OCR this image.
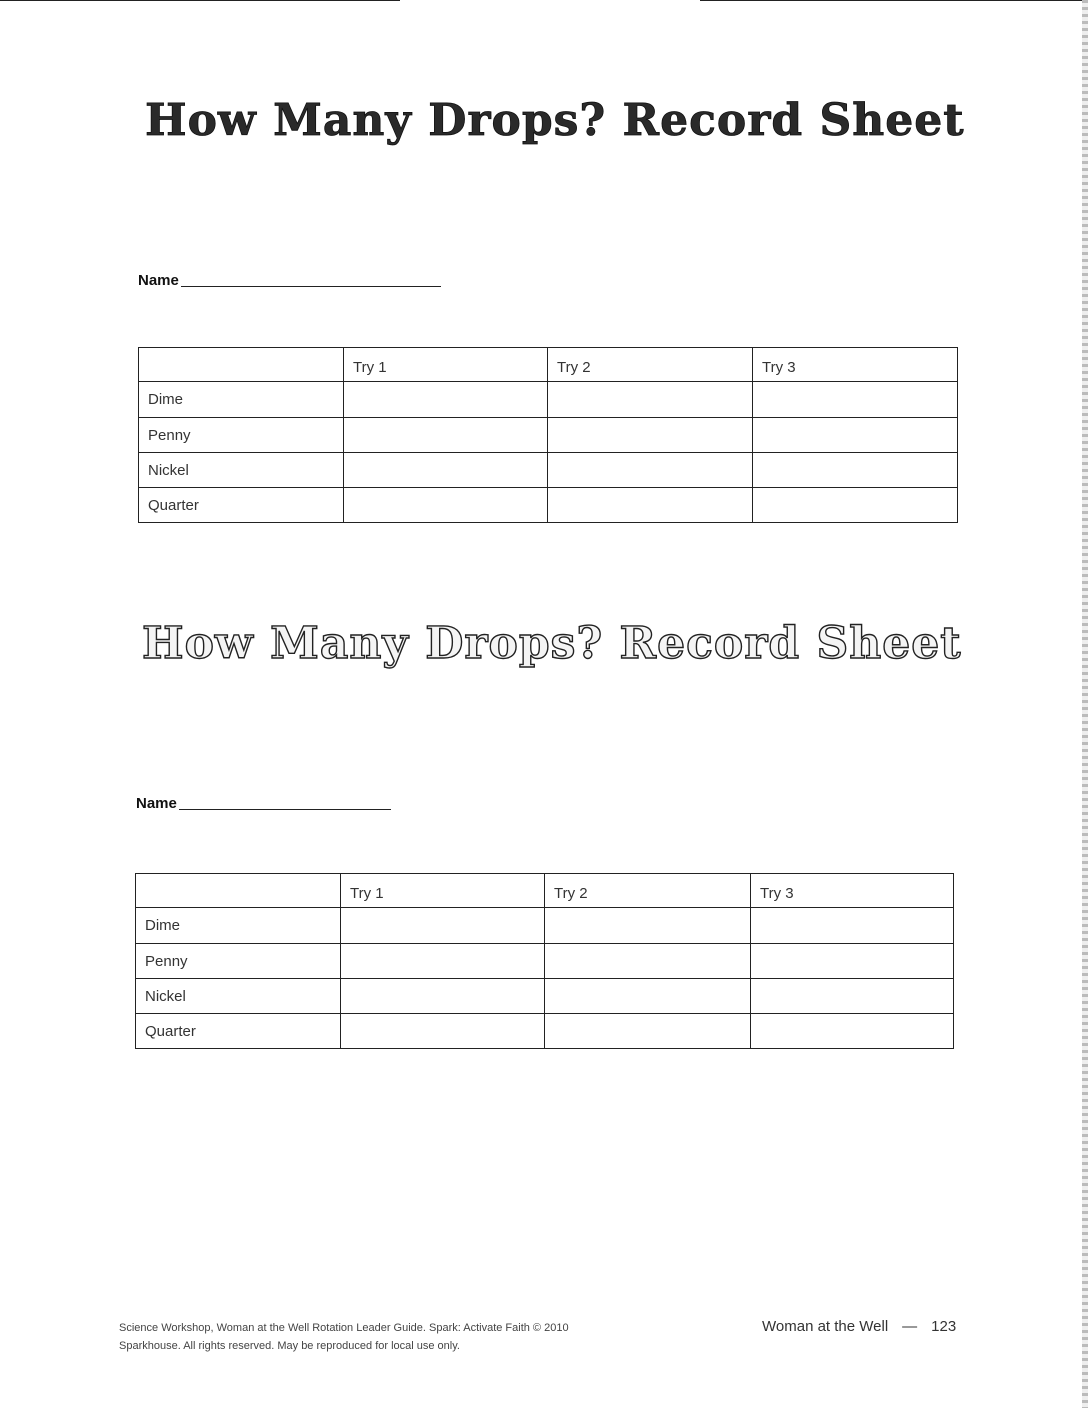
How Many Drops? Record Sheet
Name
	Try 1	Try 2	Try 3
Dime			
Penny			
Nickel			
Quarter			
How Many Drops? Record Sheet
Name
	Try 1	Try 2	Try 3
Dime			
Penny			
Nickel			
Quarter			
Science Workshop, Woman at the Well Rotation Leader Guide. Spark: Activate Faith © 2010
Sparkhouse. All rights reserved. May be reproduced for local use only.
Woman at the Well — 123
